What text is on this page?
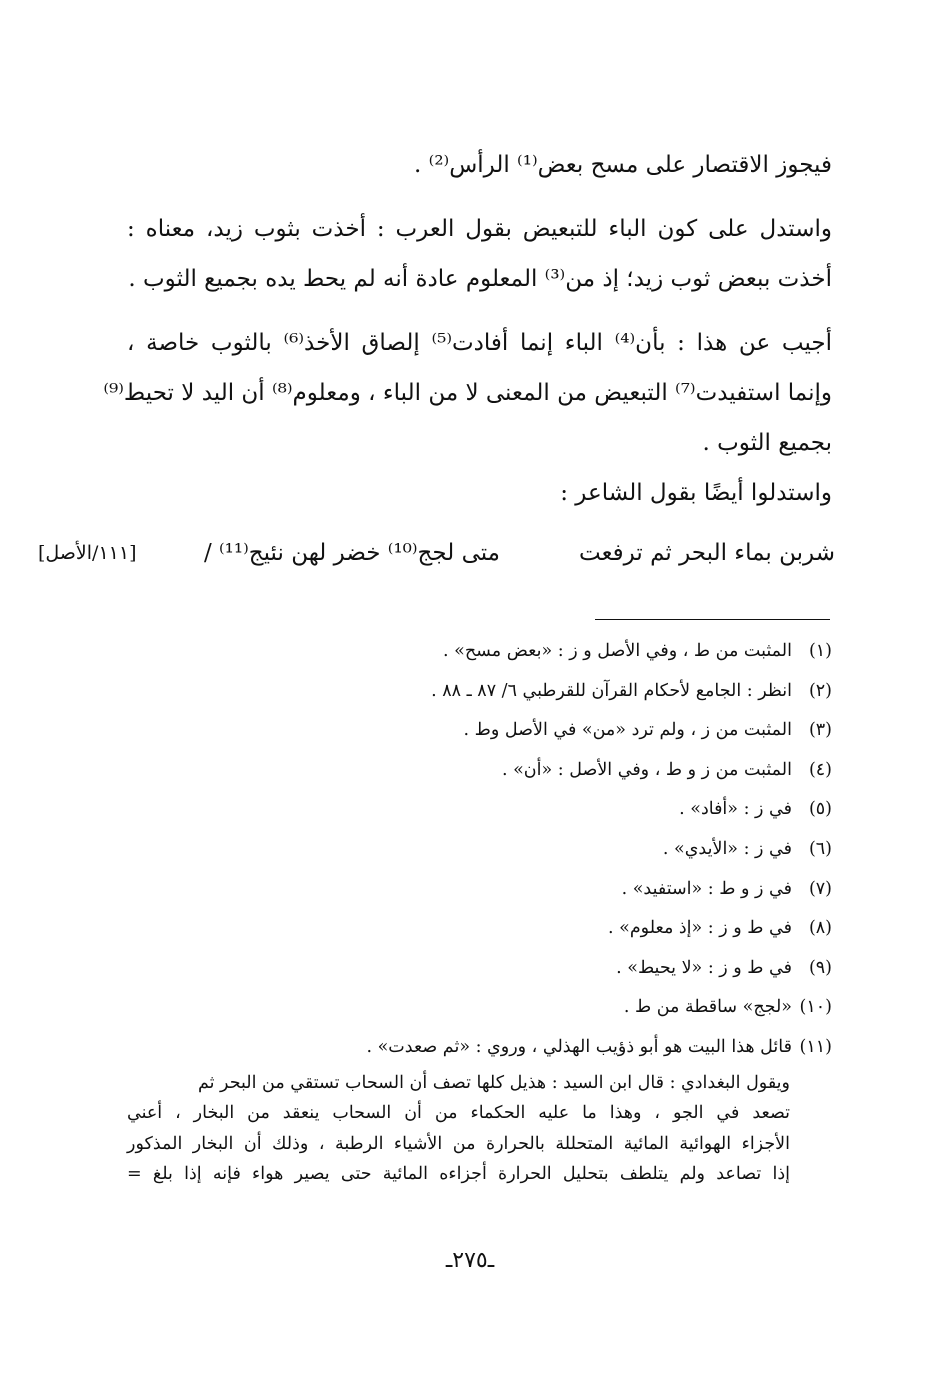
فيجوز الاقتصار على مسح بعض⁽¹⁾ الرأس⁽²⁾ .
واستدل على كون الباء للتبعيض بقول العرب : أخذت بثوب زيد، معناه :
أخذت ببعض ثوب زيد؛ إذ من⁽³⁾ المعلوم عادة أنه لم يحط يده بجميع الثوب .
أجيب عن هذا : بأن⁽⁴⁾ الباء إنما أفادت⁽⁵⁾ إلصاق الأخذ⁽⁶⁾ بالثوب خاصة ،
وإنما استفيدت⁽⁷⁾ التبعيض من المعنى لا من الباء ، ومعلوم⁽⁸⁾ أن اليد لا تحيط⁽⁹⁾
بجميع الثوب .
واستدلوا أيضًا بقول الشاعر :
شربن بماء البحر ثم ترفعت
متى لجج⁽¹⁰⁾ خضر لهن نئيج⁽¹¹⁾ /
[١١١/الأصل]
(١)المثبت من ط ، وفي الأصل و ز : «بعض مسح» .
(٢)انظر : الجامع لأحكام القرآن للقرطبي ٦/ ٨٧ ـ ٨٨ .
(٣)المثبت من ز ، ولم ترد «من» في الأصل وط .
(٤)المثبت من ز و ط ، وفي الأصل : «أن» .
(٥)في ز : «أفاد» .
(٦)في ز : «الأيدي» .
(٧)في ز و ط : «استفيد» .
(٨)في ط و ز : «إذ معلوم» .
(٩)في ط و ز : «لا يحيط» .
(١٠)«لجج» ساقطة من ط .
(١١)قائل هذا البيت هو أبو ذؤيب الهذلي ، وروي : «ثم صعدت» .
ويقول البغدادي : قال ابن السيد : هذيل كلها تصف أن السحاب تستقي من البحر ثم
تصعد في الجو ، وهذا ما عليه الحكماء من أن السحاب ينعقد من البخار ، أعني
الأجزاء الهوائية المائية المتحللة بالحرارة من الأشياء الرطبة ، وذلك أن البخار المذكور
إذا تصاعد ولم يتلطف بتحليل الحرارة أجزاءه المائية حتى يصير هواء فإنه إذا بلغ =
ـ٢٧٥ـ
